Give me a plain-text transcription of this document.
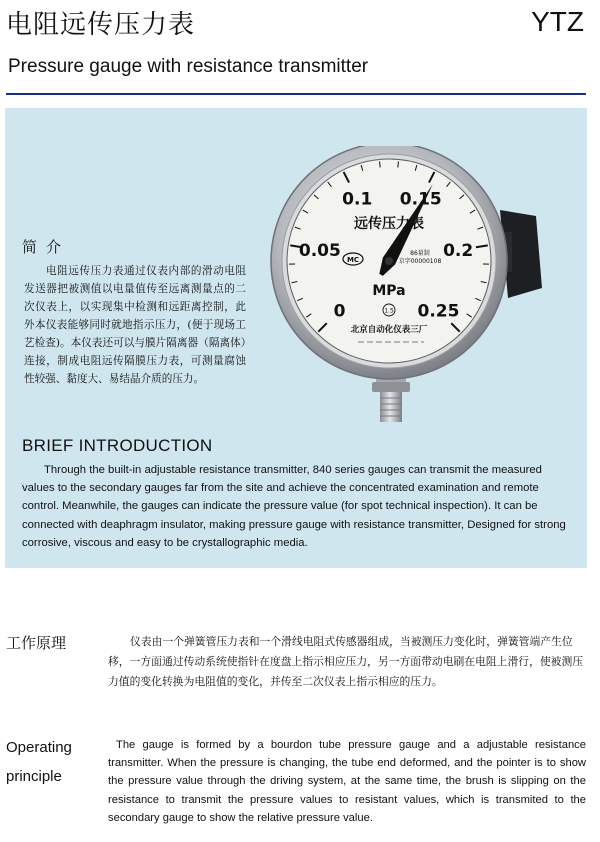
电阻远传压力表	YTZ
Pressure gauge with resistance transmitter
0
0.05
0.1 0.15
0.2
0.25
远传压力表
MC
86量制
京字00000108
MPa
1.5
北京自动化仪表三厂
简介
电阻远传压力表通过仪表内部的滑动电阻发送器把被测值以电量值传至远离测量点的二次仪表上，以实现集中检测和远距离控制，此外本仪表能够同时就地指示压力，(便于现场工艺检查)。本仪表还可以与膜片隔离器（隔离体）连接，制成电阻远传隔膜压力表，可测量腐蚀性较强、黏度大、易结晶介质的压力。
BRIEF INTRODUCTION
Through the built-in adjustable resistance transmitter, 840 series gauges can transmit the measured values to the secondary gauges far from the site and achieve the concentrated examination and remote control. Meanwhile, the gauges can indicate the pressure value (for spot technical inspection). It can be connected with deaphragm insulator, making pressure gauge with resistance transmitter, Designed for strong corrosive, viscous and easy to be crystallographic media.
工作原理	仪表由一个弹簧管压力表和一个滑线电阻式传感器组成，当被测压力变化时，弹簧管端产生位移，一方面通过传动系统使指针在度盘上指示相应压力，另一方面带动电刷在电阻上滑行，使被测压力值的变化转换为电阻值的变化，并传至二次仪表上指示相应的压力。
Operating principle
The gauge is formed by a bourdon tube pressure gauge and a adjustable resistance transmitter. When the pressure is changing, the tube end deformed, and the pointer is to show the pressure value through the driving system, at the same time, the brush is slipping on the resistance to transmit the pressure values to resistant values, which is transmited to the secondary gauge to show the relative pressure value.
